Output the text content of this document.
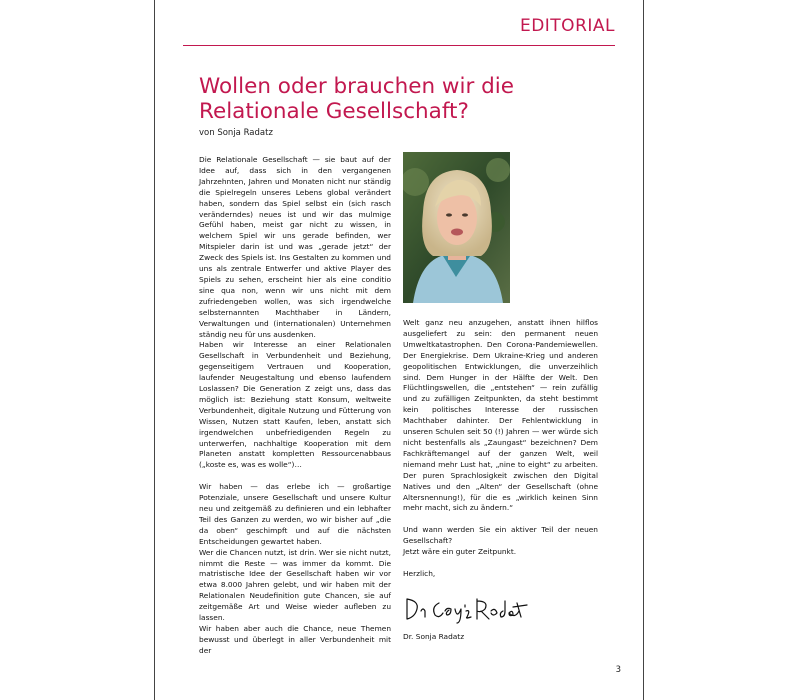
EDITORIAL
Wollen oder brauchen wir die
Relationale Gesellschaft?
von Sonja Radatz

Die Relationale Gesellschaft — sie baut auf der Idee auf, dass sich in den vergangenen Jahrzehnten, Jahren und Monaten nicht nur ständig die Spielregeln unseres Lebens global verändert haben, sondern das Spiel selbst ein (sich rasch veränderndes) neues ist und wir das mulmige Gefühl haben, meist gar nicht zu wissen, in welchem Spiel wir uns gerade befinden, wer Mitspieler darin ist und was „gerade jetzt“ der Zweck des Spiels ist. Ins Gestalten zu kommen und uns als zentrale Entwerfer und aktive Player des Spiels zu sehen, erscheint hier als eine conditio sine qua non, wenn wir uns nicht mit dem zufriedengeben wollen, was sich irgendwelche selbsternannten Machthaber in Ländern, Verwaltungen und (internationalen) Unternehmen ständig neu für uns ausdenken.

Haben wir Interesse an einer Relationalen Gesellschaft in Verbundenheit und Beziehung, gegenseitigem Vertrauen und Kooperation, laufender Neugestaltung und ebenso laufendem Loslassen? Die Generation Z zeigt uns, dass das möglich ist: Beziehung statt Konsum, weltweite Verbundenheit, digitale Nutzung und Fütterung von Wissen, Nutzen statt Kaufen, leben, anstatt sich irgendwelchen unbefriedigenden Regeln zu unterwerfen, nachhaltige Kooperation mit dem Planeten anstatt kompletten Ressourcenabbaus („koste es, was es wolle“)…

Wir haben — das erlebe ich — großartige Potenziale, unsere Gesellschaft und unsere Kultur neu und zeitgemäß zu definieren und ein lebhafter Teil des Ganzen zu werden, wo wir bisher auf „die da oben“ geschimpft und auf die nächsten Entscheidungen gewartet haben.

Wer die Chancen nutzt, ist drin. Wer sie nicht nutzt, nimmt die Reste — was immer da kommt. Die matristische Idee der Gesellschaft haben wir vor etwa 8.000 Jahren gelebt, und wir haben mit der Relationalen Neudefinition gute Chancen, sie auf zeitgemäße Art und Weise wieder aufleben zu lassen.

Wir haben aber auch die Chance, neue Themen bewusst und überlegt in aller Verbundenheit mit der

Welt ganz neu anzugehen, anstatt ihnen hilflos ausgeliefert zu sein: den permanent neuen Umweltkatastrophen. Den Corona-Pandemiewellen. Der Energiekrise. Dem Ukraine-Krieg und anderen geopolitischen Entwicklungen, die unverzeihlich sind. Dem Hunger in der Hälfte der Welt. Den Flüchtlingswellen, die „entstehen“ — rein zufällig und zu zufälligen Zeitpunkten, da steht bestimmt kein politisches Interesse der russischen Machthaber dahinter. Der Fehlentwicklung in unseren Schulen seit 50 (!) Jahren — wer würde sich nicht bestenfalls als „Zaungast“ bezeichnen? Dem Fachkräftemangel auf der ganzen Welt, weil niemand mehr Lust hat, „nine to eight“ zu arbeiten. Der puren Sprachlosigkeit zwischen den Digital Natives und den „Alten“ der Gesellschaft (ohne Altersnennung!), für die es „wirklich keinen Sinn mehr macht, sich zu ändern.“

Und wann werden Sie ein aktiver Teil der neuen Gesellschaft?

Jetzt wäre ein guter Zeitpunkt.

Herzlich,

Dr. Sonja Radatz
3
